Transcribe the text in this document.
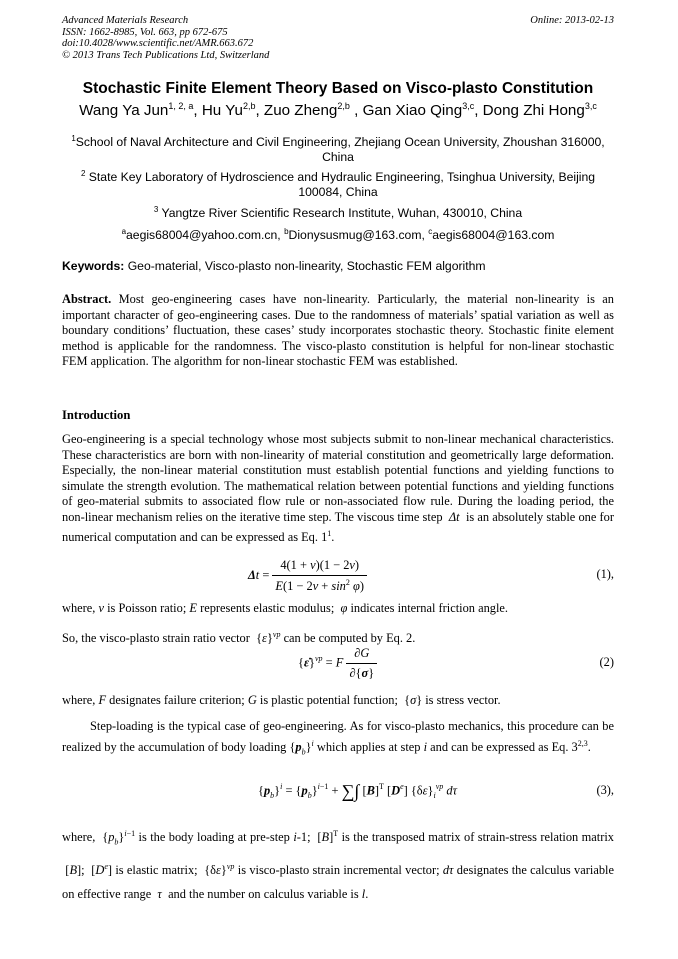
Advanced Materials Research
ISSN: 1662-8985, Vol. 663, pp 672-675
doi:10.4028/www.scientific.net/AMR.663.672
© 2013 Trans Tech Publications Ltd, Switzerland
Online: 2013-02-13
Stochastic Finite Element Theory Based on Visco-plasto Constitution
Wang Ya Jun$^{1, 2, a}$, Hu Yu$^{2,b}$, Zuo Zheng$^{2,b}$ , Gan Xiao Qing$^{3,c}$, Dong Zhi Hong$^{3,c}$
$^1$School of Naval Architecture and Civil Engineering, Zhejiang Ocean University, Zhoushan 316000, China
$^2$ State Key Laboratory of Hydroscience and Hydraulic Engineering, Tsinghua University, Beijing 100084, China
$^3$ Yangtze River Scientific Research Institute, Wuhan, 430010, China
$^a$aegis68004@yahoo.com.cn, $^b$Dionysusmug@163.com, $^c$aegis68004@163.com
Keywords: Geo-material, Visco-plasto non-linearity, Stochastic FEM algorithm
Abstract. Most geo-engineering cases have non-linearity. Particularly, the material non-linearity is an important character of geo-engineering cases. Due to the randomness of materials’ spatial variation as well as boundary conditions’ fluctuation, these cases’ study incorporates stochastic theory. Stochastic finite element method is applicable for the randomness. The visco-plasto constitution is helpful for non-linear stochastic FEM application. The algorithm for non-linear stochastic FEM was established.
Introduction
Geo-engineering is a special technology whose most subjects submit to non-linear mechanical characteristics. These characteristics are born with non-linearity of material constitution and geometrically large deformation. Especially, the non-linear material constitution must establish potential functions and yielding functions to simulate the strength evolution. The mathematical relation between potential functions and yielding functions of geo-material submits to associated flow rule or non-associated flow rule. During the loading period, the non-linear mechanism relies on the iterative time step. The viscous time step Δt is an absolutely stable one for numerical computation and can be expressed as Eq. $1^1$.
$\Delta t = \frac{4(1 + v)(1 - 2v)}{E(1 - 2v + \sin^2 \varphi)}$	(1),
where, v is Poisson ratio; E represents elastic modulus; φ indicates internal friction angle.
So, the visco-plasto strain ratio vector  {ε̇}$^{vp}$ can be computed by Eq. 2.
{ε̇}$^{vp}$ = F $\frac{\partial G}{\partial\{\sigma\}}$	(2)
where, F designates failure criterion; G is plastic potential function;  {σ} is stress vector.
Step-loading is the typical case of geo-engineering. As for visco-plasto mechanics, this procedure can be realized by the accumulation of body loading $\{p_b\}^i$ which applies at step i and can be expressed as Eq. 3$^{2,3}$.
$\{p_b\}^i = \{p_b\}^{i-1}$ + ∑∫ $[B]^T$ [De] $\{\delta\varepsilon\}_i^{vp}$ dτ	(3),
where,  $\{p_b\}^{i-1}$ is the body loading at pre-step i-1;  $[B]^T$ is the transposed matrix of strain-stress relation matrix  [B];  [De] is elastic matrix;  $\{\delta\varepsilon\}^{vp}$ is visco-plasto strain incremental vector; dτ designates the calculus variable on effective range τ and the number on calculus variable is l.
